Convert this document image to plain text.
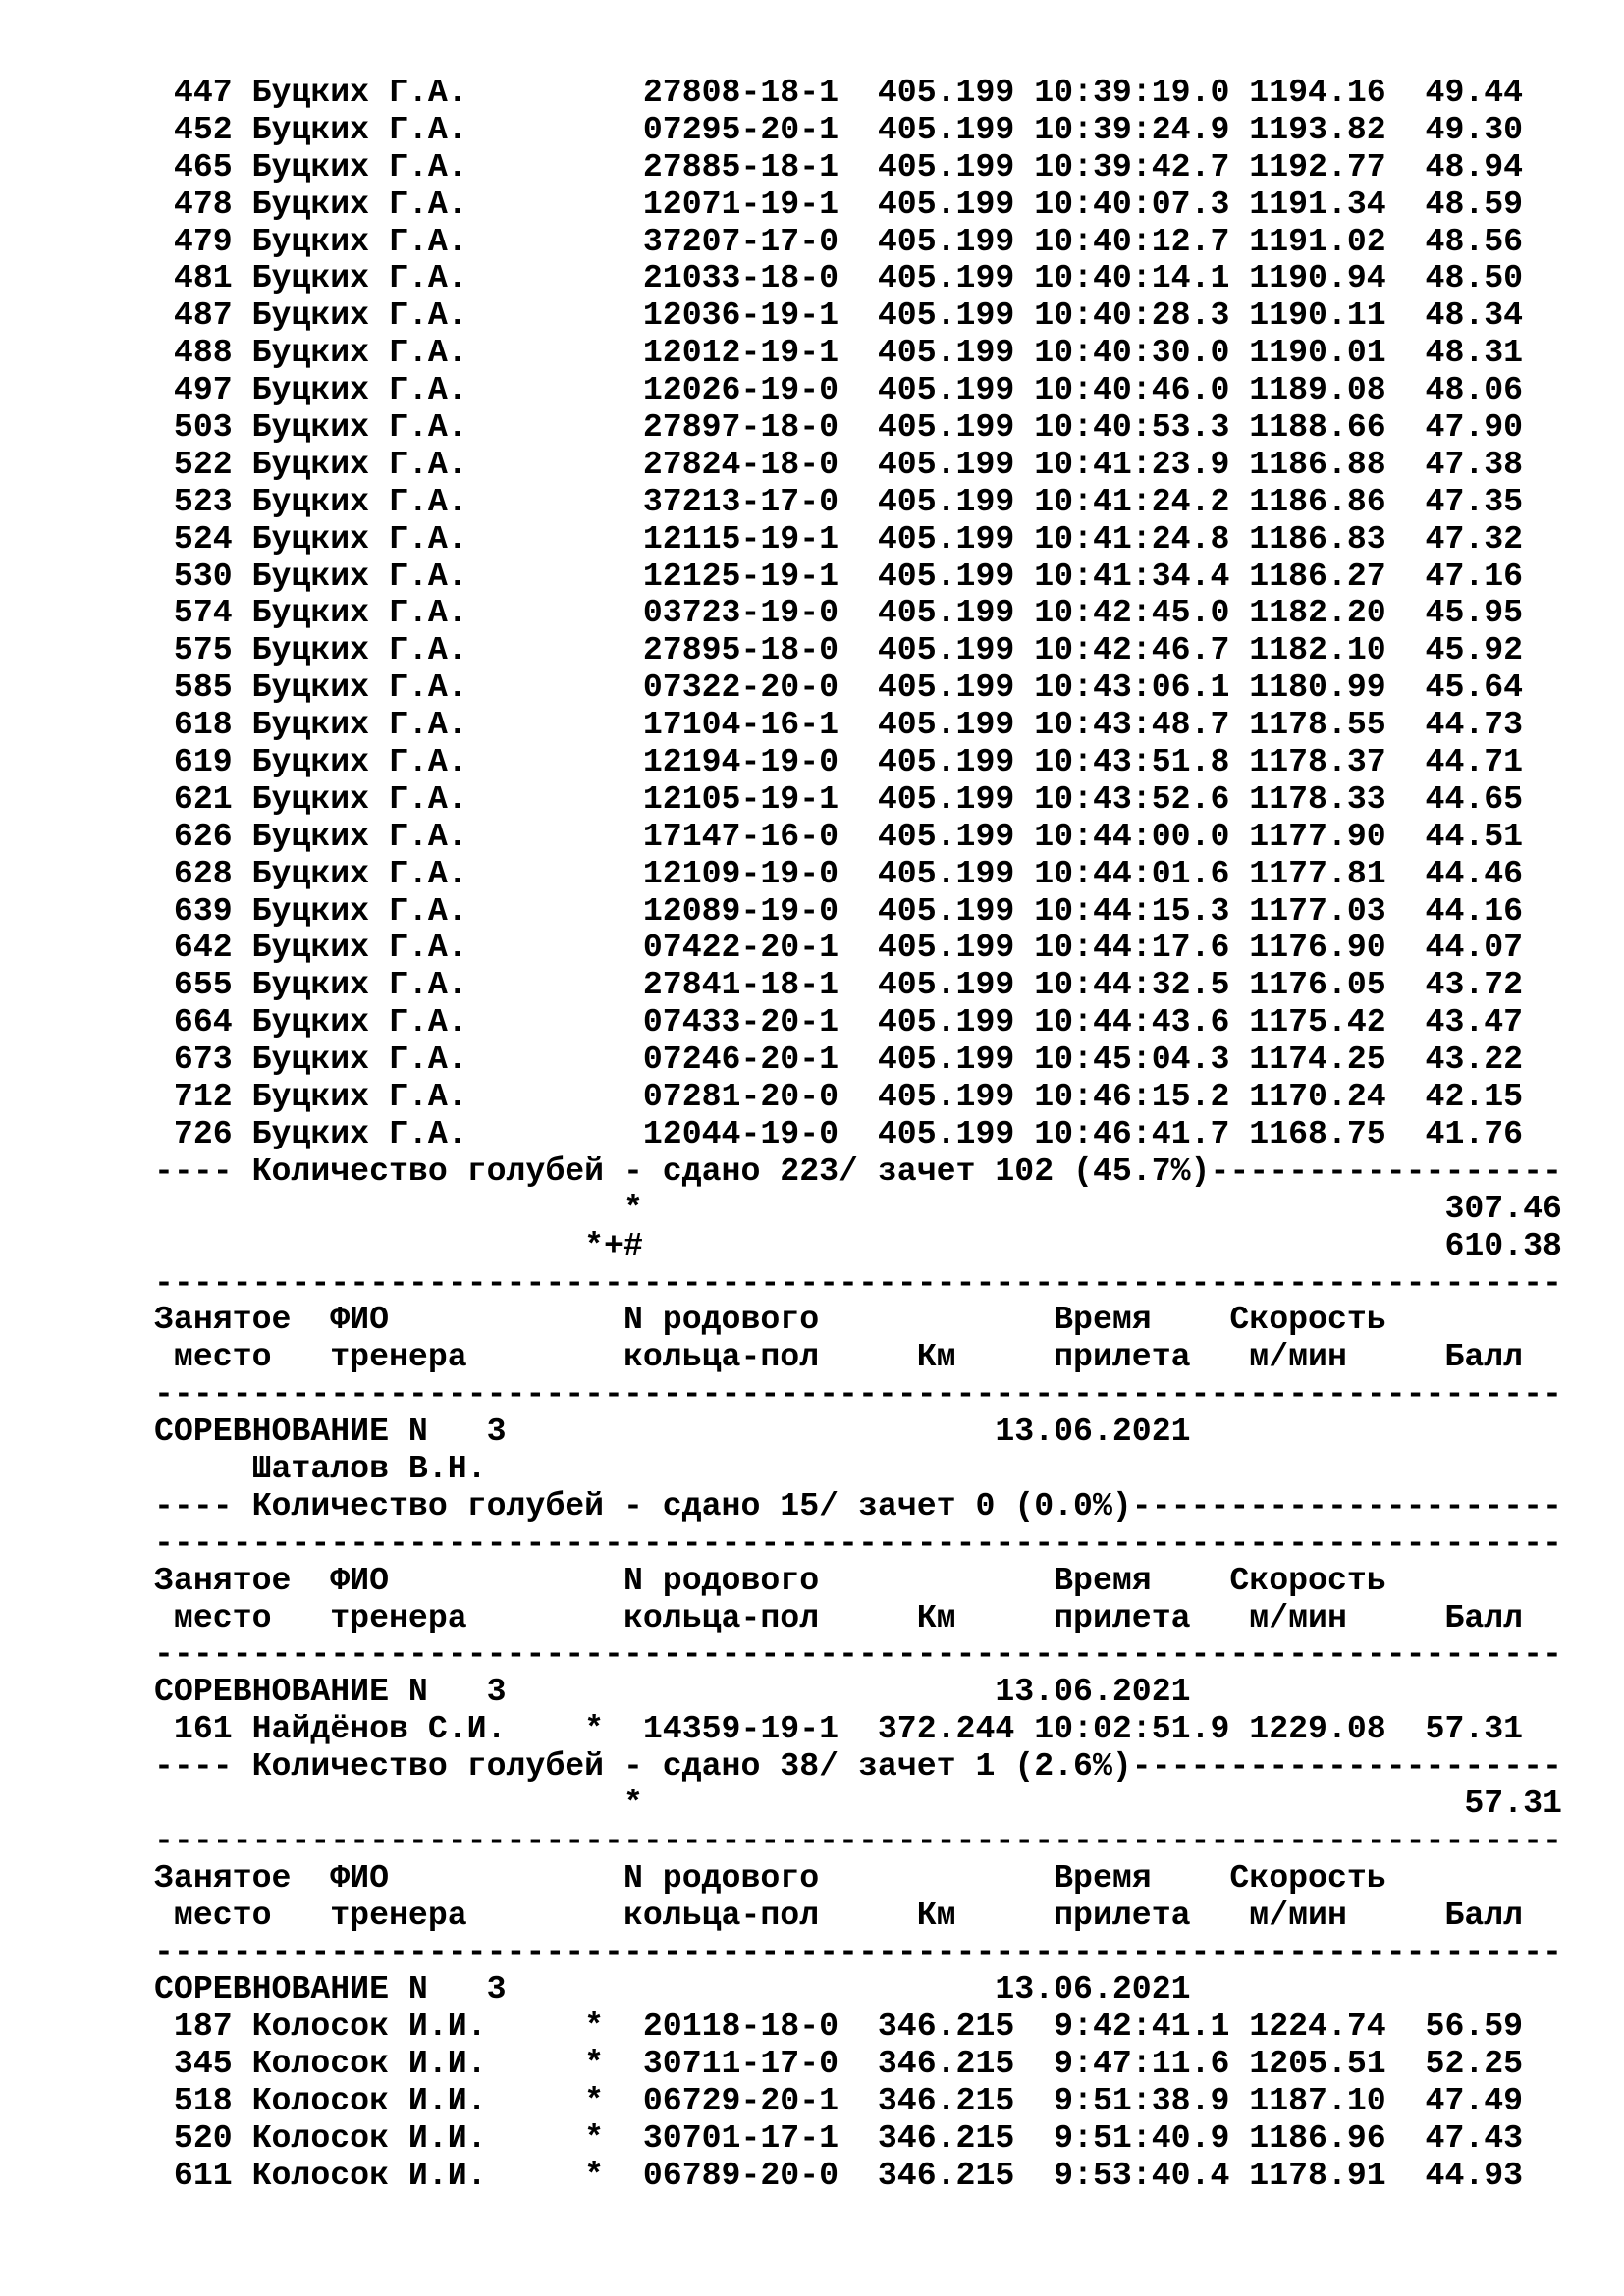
447 Буцких Г.А.         27808-18-1  405.199 10:39:19.0 1194.16  49.44
452 Буцких Г.А.         07295-20-1  405.199 10:39:24.9 1193.82  49.30
465 Буцких Г.А.         27885-18-1  405.199 10:39:42.7 1192.77  48.94
478 Буцких Г.А.         12071-19-1  405.199 10:40:07.3 1191.34  48.59
479 Буцких Г.А.         37207-17-0  405.199 10:40:12.7 1191.02  48.56
481 Буцких Г.А.         21033-18-0  405.199 10:40:14.1 1190.94  48.50
487 Буцких Г.А.         12036-19-1  405.199 10:40:28.3 1190.11  48.34
488 Буцких Г.А.         12012-19-1  405.199 10:40:30.0 1190.01  48.31
497 Буцких Г.А.         12026-19-0  405.199 10:40:46.0 1189.08  48.06
503 Буцких Г.А.         27897-18-0  405.199 10:40:53.3 1188.66  47.90
522 Буцких Г.А.         27824-18-0  405.199 10:41:23.9 1186.88  47.38
523 Буцких Г.А.         37213-17-0  405.199 10:41:24.2 1186.86  47.35
524 Буцких Г.А.         12115-19-1  405.199 10:41:24.8 1186.83  47.32
530 Буцких Г.А.         12125-19-1  405.199 10:41:34.4 1186.27  47.16
574 Буцких Г.А.         03723-19-0  405.199 10:42:45.0 1182.20  45.95
575 Буцких Г.А.         27895-18-0  405.199 10:42:46.7 1182.10  45.92
585 Буцких Г.А.         07322-20-0  405.199 10:43:06.1 1180.99  45.64
618 Буцких Г.А.         17104-16-1  405.199 10:43:48.7 1178.55  44.73
619 Буцких Г.А.         12194-19-0  405.199 10:43:51.8 1178.37  44.71
621 Буцких Г.А.         12105-19-1  405.199 10:43:52.6 1178.33  44.65
626 Буцких Г.А.         17147-16-0  405.199 10:44:00.0 1177.90  44.51
628 Буцких Г.А.         12109-19-0  405.199 10:44:01.6 1177.81  44.46
639 Буцких Г.А.         12089-19-0  405.199 10:44:15.3 1177.03  44.16
642 Буцких Г.А.         07422-20-1  405.199 10:44:17.6 1176.90  44.07
655 Буцких Г.А.         27841-18-1  405.199 10:44:32.5 1176.05  43.72
664 Буцких Г.А.         07433-20-1  405.199 10:44:43.6 1175.42  43.47
673 Буцких Г.А.         07246-20-1  405.199 10:45:04.3 1174.25  43.22
712 Буцких Г.А.         07281-20-0  405.199 10:46:15.2 1170.24  42.15
726 Буцких Г.А.         12044-19-0  405.199 10:46:41.7 1168.75  41.76
---- Количество голубей - сдано 223/ зачет 102 (45.7%)------------------
*                                         307.46
*+#                                         610.38
------------------------------------------------------------------------
Занятое  ФИО            N родового            Время    Скорость
место   тренера        кольца-пол     Км     прилета   м/мин     Балл
------------------------------------------------------------------------
СОРЕВНОВАНИЕ N   3                         13.06.2021
Шаталов В.Н.
---- Количество голубей - сдано 15/ зачет 0 (0.0%)----------------------
------------------------------------------------------------------------
Занятое  ФИО            N родового            Время    Скорость
место   тренера        кольца-пол     Км     прилета   м/мин     Балл
------------------------------------------------------------------------
СОРЕВНОВАНИЕ N   3                         13.06.2021
161 Найдёнов С.И.    *  14359-19-1  372.244 10:02:51.9 1229.08  57.31
---- Количество голубей - сдано 38/ зачет 1 (2.6%)----------------------
*                                          57.31
------------------------------------------------------------------------
Занятое  ФИО            N родового            Время    Скорость
место   тренера        кольца-пол     Км     прилета   м/мин     Балл
------------------------------------------------------------------------
СОРЕВНОВАНИЕ N   3                         13.06.2021
187 Колосок И.И.     *  20118-18-0  346.215  9:42:41.1 1224.74  56.59
345 Колосок И.И.     *  30711-17-0  346.215  9:47:11.6 1205.51  52.25
518 Колосок И.И.     *  06729-20-1  346.215  9:51:38.9 1187.10  47.49
520 Колосок И.И.     *  30701-17-1  346.215  9:51:40.9 1186.96  47.43
611 Колосок И.И.     *  06789-20-0  346.215  9:53:40.4 1178.91  44.93
